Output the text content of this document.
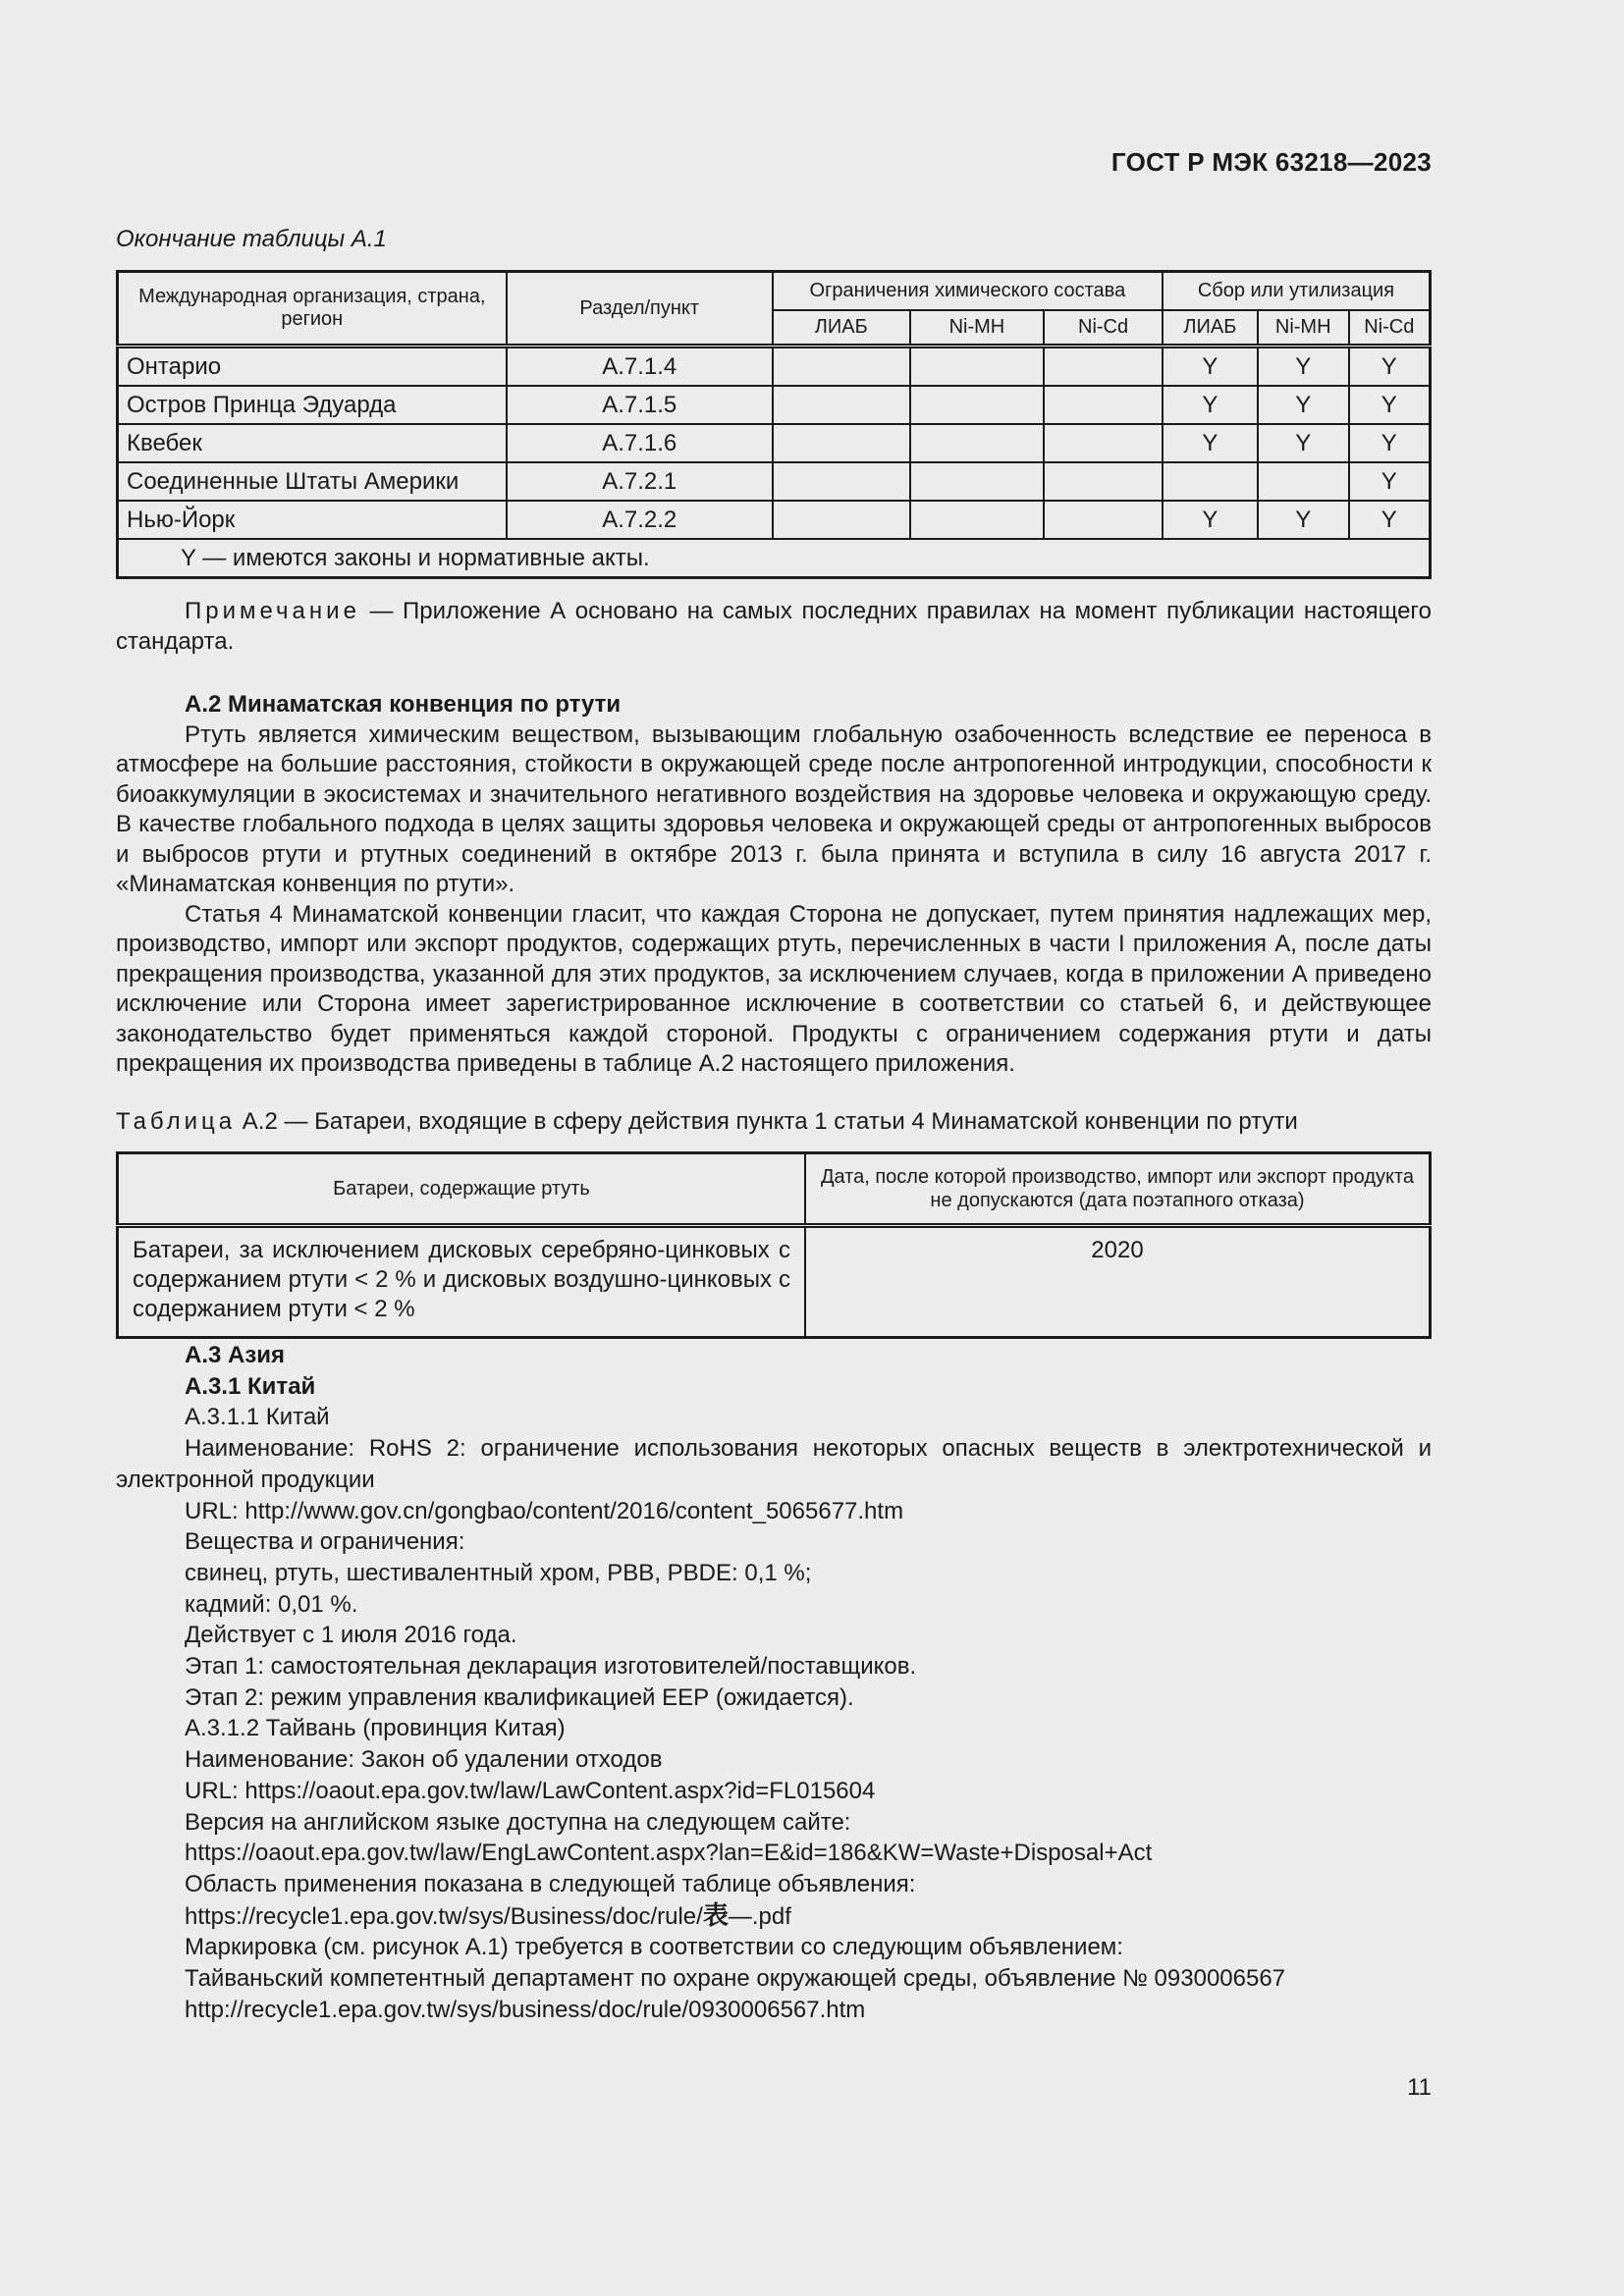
ГОСТ Р МЭК 63218—2023
Окончание таблицы А.1
Международная организация, страна, регион	Раздел/пункт	Ограничения химического состава			Сбор или утилизация		
		ЛИАБ	Ni-MH	Ni-Cd	ЛИАБ	Ni-MH	Ni-Cd
Онтарио	А.7.1.4				Y	Y	Y
Остров Принца Эдуарда	А.7.1.5				Y	Y	Y
Квебек	А.7.1.6				Y	Y	Y
Соединенные Штаты Америки	А.7.2.1						Y
Нью-Йорк	А.7.2.2				Y	Y	Y
Y — имеются законы и нормативные акты.							
Примечание — Приложение А основано на самых последних правилах на момент публикации настоящего стандарта.

А.2 Минаматская конвенция по ртути

Ртуть является химическим веществом, вызывающим глобальную озабоченность вследствие ее переноса в атмосфере на большие расстояния, стойкости в окружающей среде после антропогенной интродукции, способности к биоаккумуляции в экосистемах и значительного негативного воздействия на здоровье человека и окружающую среду. В качестве глобального подхода в целях защиты здоровья человека и окружающей среды от антропогенных выбросов и выбросов ртути и ртутных соединений в октябре 2013 г. была принята и вступила в силу 16 августа 2017 г. «Минаматская конвенция по ртути».

Статья 4 Минаматской конвенции гласит, что каждая Сторона не допускает, путем принятия надлежащих мер, производство, импорт или экспорт продуктов, содержащих ртуть, перечисленных в части I приложения А, после даты прекращения производства, указанной для этих продуктов, за исключением случаев, когда в приложении А приведено исключение или Сторона имеет зарегистрированное исключение в соответствии со статьей 6, и действующее законодательство будет применяться каждой стороной. Продукты с ограничением содержания ртути и даты прекращения их производства приведены в таблице А.2 настоящего приложения.

Таблица А.2 — Батареи, входящие в сферу действия пункта 1 статьи 4 Минаматской конвенции по ртути
Батареи, содержащие ртуть	Дата, после которой производство, импорт или экспорт продукта не допускаются (дата поэтапного отказа)
Батареи, за исключением дисковых серебряно-цинковых с содержанием ртути < 2 % и дисковых воздушно-цинковых с содержанием ртути < 2 %	2020
А.3 Азия
А.3.1 Китай
А.3.1.1 Китай
Наименование: RoHS 2: ограничение использования некоторых опасных веществ в электротехнической и электронной продукции
URL: http://www.gov.cn/gongbao/content/2016/content_5065677.htm
Вещества и ограничения:
свинец, ртуть, шестивалентный хром, PBB, PBDE: 0,1 %;
кадмий: 0,01 %.
Действует с 1 июля 2016 года.
Этап 1: самостоятельная декларация изготовителей/поставщиков.
Этап 2: режим управления квалификацией ЕЕР (ожидается).
А.3.1.2 Тайвань (провинция Китая)
Наименование: Закон об удалении отходов
URL: https://oaout.epa.gov.tw/law/LawContent.aspx?id=FL015604
Версия на английском языке доступна на следующем сайте:
https://oaout.epa.gov.tw/law/EngLawContent.aspx?lan=E&id=186&KW=Waste+Disposal+Act
Область применения показана в следующей таблице объявления:
https://recycle1.epa.gov.tw/sys/Business/doc/rule/表—.pdf
Маркировка (см. рисунок А.1) требуется в соответствии со следующим объявлением:
Тайваньский компетентный департамент по охране окружающей среды, объявление № 0930006567
http://recycle1.epa.gov.tw/sys/business/doc/rule/0930006567.htm
11
